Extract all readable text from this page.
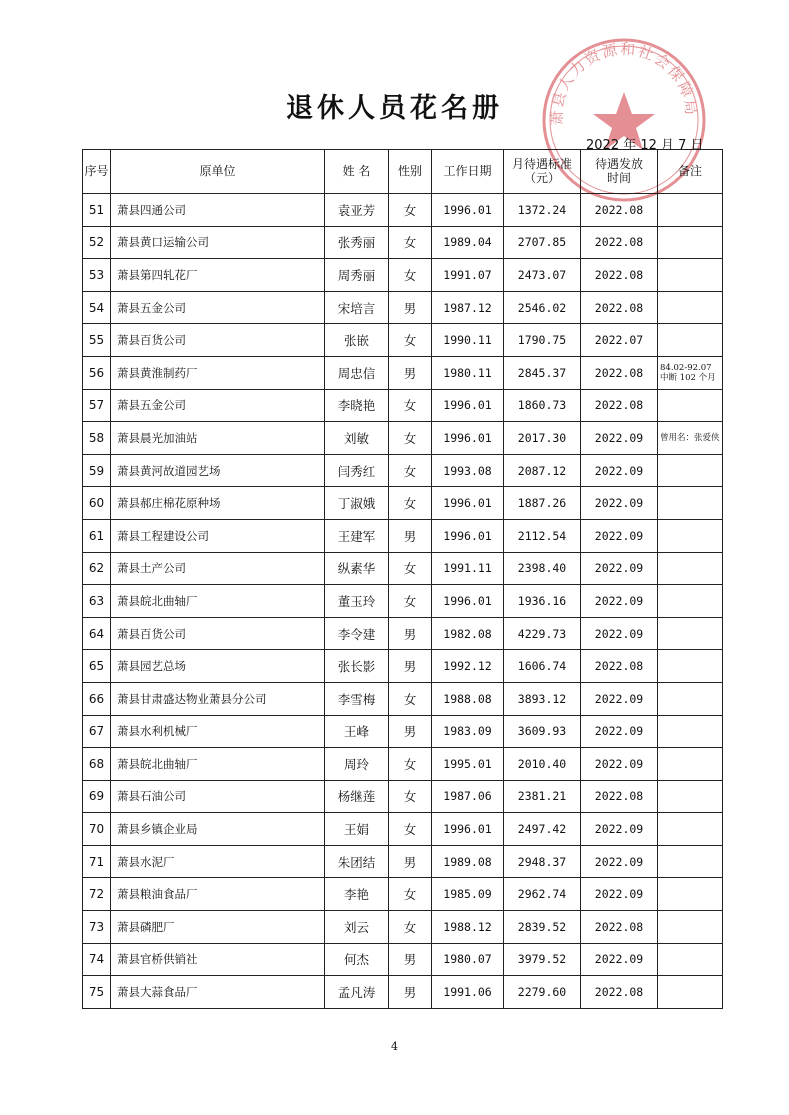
退休人员花名册	萧县人力资源和社会保障局
2022 年 12 月 7 日
序号	原单位	姓 名	性别	工作日期	月待遇标准（元）	待遇发放时间	备注
51	萧县四通公司	袁亚芳	女	1996.01	1372.24	2022.08	
52	萧县黄口运输公司	张秀丽	女	1989.04	2707.85	2022.08	
53	萧县第四轧花厂	周秀丽	女	1991.07	2473.07	2022.08	
54	萧县五金公司	宋培言	男	1987.12	2546.02	2022.08	
55	萧县百货公司	张嵌	女	1990.11	1790.75	2022.07	
56	萧县黄淮制药厂	周忠信	男	1980.11	2845.37	2022.08	84.02-92.07 中断 102 个月
57	萧县五金公司	李晓艳	女	1996.01	1860.73	2022.08	
58	萧县晨光加油站	刘敏	女	1996.01	2017.30	2022.09	曾用名：张爱侠
59	萧县黄河故道园艺场	闫秀红	女	1993.08	2087.12	2022.09	
60	萧县郝庄棉花原种场	丁淑娥	女	1996.01	1887.26	2022.09	
61	萧县工程建设公司	王建军	男	1996.01	2112.54	2022.09	
62	萧县土产公司	纵素华	女	1991.11	2398.40	2022.09	
63	萧县皖北曲轴厂	董玉玲	女	1996.01	1936.16	2022.09	
64	萧县百货公司	李令建	男	1982.08	4229.73	2022.09	
65	萧县园艺总场	张长影	男	1992.12	1606.74	2022.08	
66	萧县甘肃盛达物业萧县分公司	李雪梅	女	1988.08	3893.12	2022.09	
67	萧县水利机械厂	王峰	男	1983.09	3609.93	2022.09	
68	萧县皖北曲轴厂	周玲	女	1995.01	2010.40	2022.09	
69	萧县石油公司	杨继莲	女	1987.06	2381.21	2022.08	
70	萧县乡镇企业局	王娟	女	1996.01	2497.42	2022.09	
71	萧县水泥厂	朱团结	男	1989.08	2948.37	2022.09	
72	萧县粮油食品厂	李艳	女	1985.09	2962.74	2022.09	
73	萧县磷肥厂	刘云	女	1988.12	2839.52	2022.08	
74	萧县官桥供销社	何杰	男	1980.07	3979.52	2022.09	
75	萧县大蒜食品厂	孟凡涛	男	1991.06	2279.60	2022.08	
4
